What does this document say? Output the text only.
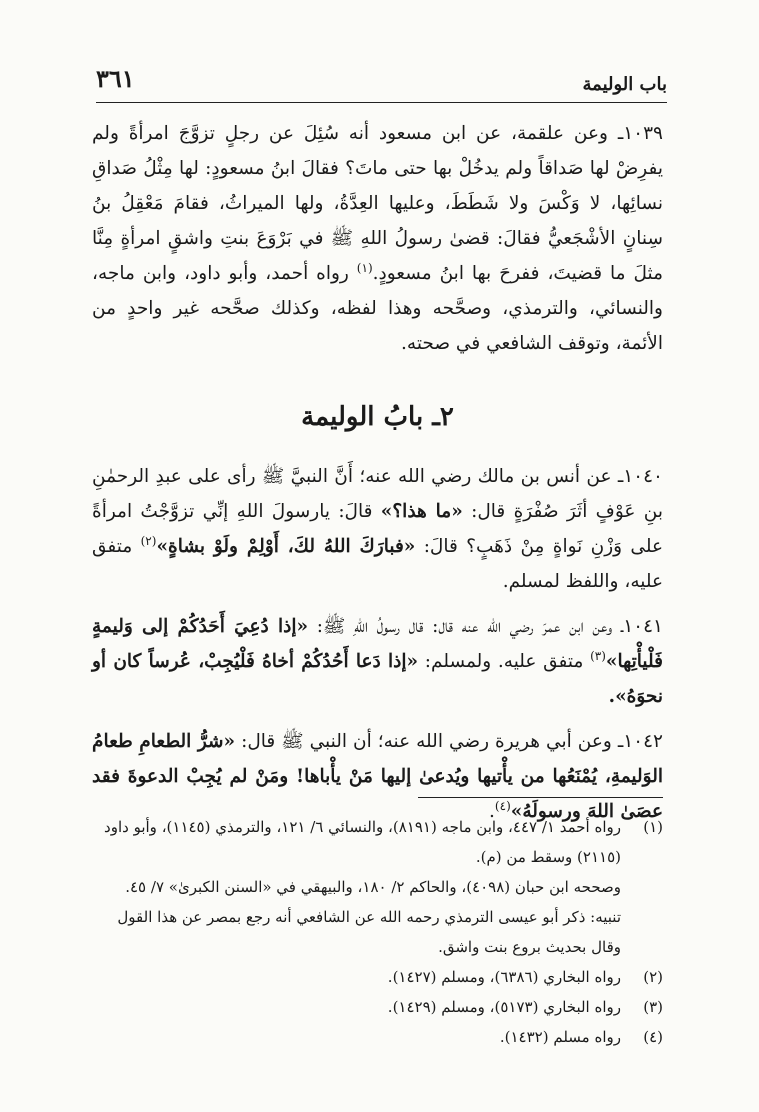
باب الوليمة
٣٦١

١٠٣٩ـ وعن علقمة، عن ابن مسعود أنه سُئِلَ عن رجلٍ تزوَّجَ امرأةً ولم يفرِضْ لها صَداقاً ولم يدخُلْ بها حتى ماتَ؟ فقالَ ابنُ مسعودٍ: لها مِثْلُ صَداقِ نسائِها، لا وَكْسَ ولا شَطَطَ، وعليها العِدَّةُ، ولها الميراثُ، فقامَ مَعْقِلُ بنُ سِنانٍ الأشْجَعيُّ فقالَ: قضىٰ رسولُ اللهِ ﷺ في بَرْوَعَ بنتِ واشقٍ امرأةٍ مِنَّا مثلَ ما قضيتَ، ففرحَ بها ابنُ مسعودٍ.$^{(١)}$ رواه أحمد، وأبو داود، وابن ماجه، والنسائي، والترمذي، وصحَّحه وهذا لفظه، وكذلك صحَّحه غير واحدٍ من الأئمة، وتوقف الشافعي في صحته.

٢ـ بابُ الوليمة

١٠٤٠ـ عن أنس بن مالك رضي الله عنه؛ أَنَّ النبيَّ ﷺ رأى على عبدِ الرحمٰنِ بنِ عَوْفٍ أثَرَ صُفْرَةٍ قال: «ما هذا؟» قالَ: يارسولَ اللهِ إنِّي تزوَّجْتُ امرأةً على وَزْنِ نَواةٍ مِنْ ذَهَبٍ؟ قالَ: «فبارَكَ اللهُ لكَ، أَوْلِمْ ولَوْ بشاةٍ»$^{(٢)}$ متفق عليه، واللفظ لمسلم.

١٠٤١ـ وعن ابن عمرَ رضي الله عنه قال: قال رسولُ اللهِ ﷺ: «إذا دُعِيَ أَحَدُكُمْ إلى وَليمةٍ فَلْيأْتِها»$^{(٣)}$ متفق عليه. ولمسلم: «إذا دَعا أَحُدُكُمْ أخاهُ فَلْيُجِبْ، عُرساً كان أو نحوَهُ».

١٠٤٢ـ وعن أبي هريرة رضي الله عنه؛ أن النبي ﷺ قال: «شرُّ الطعامِ طعامُ الوَليمةِ، يُمْنَعُها من يأْتيها ويُدعىٰ إليها مَنْ يأْباها! ومَنْ لم يُجِبْ الدعوةَ فقد عصَىٰ اللهَ ورسولَهُ»$^{(٤)}$.

(١)
رواه أحمد ١/ ٤٤٧، وابن ماجه (٨١٩١)، والنسائي ٦/ ١٢١، والترمذي (١١٤٥)، وأبو داود (٢١١٥) وسقط من (م).
وصححه ابن حبان (٤٠٩٨)، والحاكم ٢/ ١٨٠، والبيهقي في «السنن الكبرىٰ» ٧/ ٤٥.
تنبيه: ذكر أبو عيسى الترمذي رحمه الله عن الشافعي أنه رجع بمصر عن هذا القول وقال بحديث بروع بنت واشق.
(٢)
رواه البخاري (٦٣٨٦)، ومسلم (١٤٢٧).
(٣)
رواه البخاري (٥١٧٣)، ومسلم (١٤٢٩).
(٤)
رواه مسلم (١٤٣٢).
